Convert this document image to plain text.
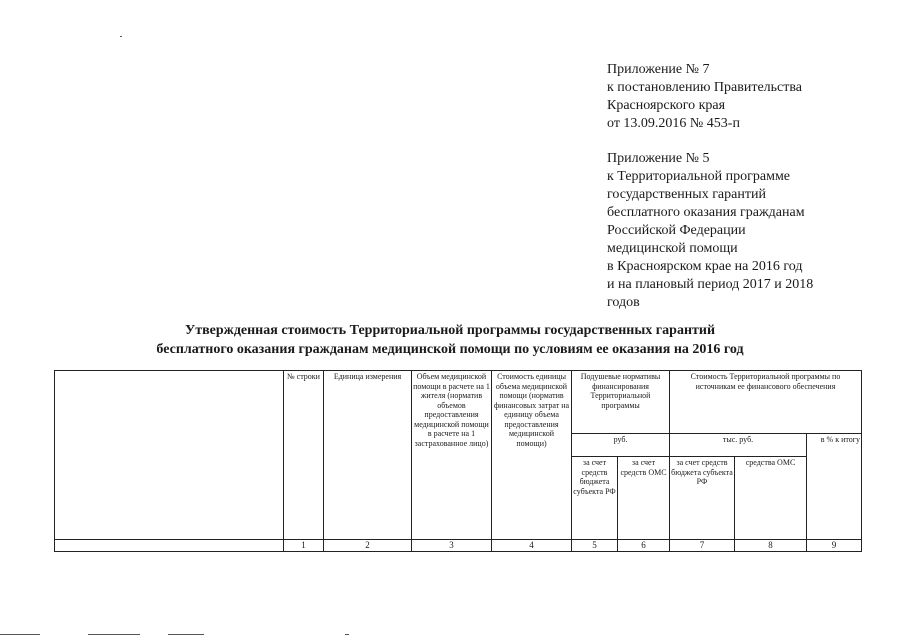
Приложение № 7
к постановлению Правительства
Красноярского края
от 13.09.2016 № 453-п
Приложение № 5
к Территориальной программе
государственных гарантий
бесплатного оказания гражданам
Российской Федерации
медицинской помощи
в Красноярском крае на 2016 год
и на плановый период 2017 и 2018
годов
Утвержденная стоимость Территориальной программы государственных гарантий
бесплатного оказания гражданам медицинской помощи по условиям ее оказания на 2016 год
	№ строки	Единица измерения	Объем медицинской помощи в расчете на 1 жителя (норматив объемов предоставления медицинской помощи в расчете на 1 застрахованное лицо)	Стоимость единицы объема медицинской помощи (норматив финансовых затрат на единицу объема предоставления медицинской помощи)	Подушевые нормативы финансирования Территориальной программы		Стоимость Территориальной программы по источникам ее финансового обеспечения		
					руб.		тыс. руб.		в % к итогу
					за счет средств бюджета субъекта РФ	за счет средств ОМС	за счет средств бюджета субъекта РФ	средства ОМС	
	1	2	3	4	5	6	7	8	9
